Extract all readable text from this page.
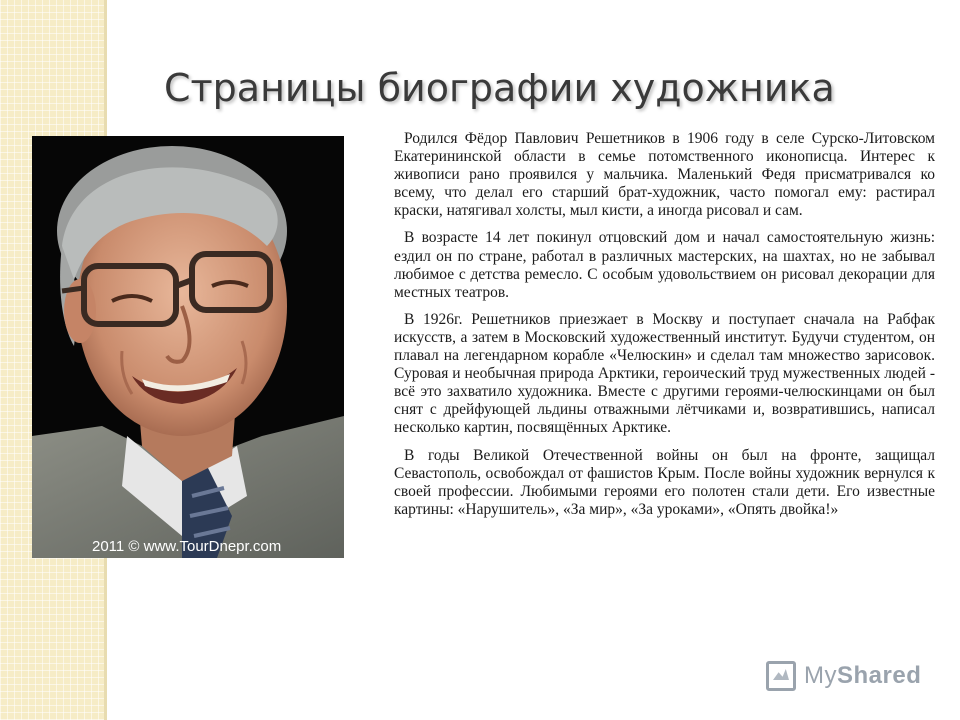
Страницы биографии художника
2011 © www.TourDnepr.com

Родился Фёдор Павлович Решетников в 1906 году в селе Сурско-Литовском Екатерининской области в семье потомственного иконописца. Интерес к живописи рано проявился у мальчика. Маленький Федя присматривался ко всему, что делал его старший брат-художник, часто помогал ему: растирал краски, натягивал холсты, мыл кисти, а иногда рисовал и сам.

В возрасте 14 лет покинул отцовский дом и начал самостоятельную жизнь: ездил он по стране, работал в различных мастерских, на шахтах, но не забывал любимое с детства ремесло. С особым удовольствием он рисовал декорации для местных театров.

В 1926г. Решетников приезжает в Москву и поступает сначала на Рабфак искусств, а затем в Московский художественный институт. Будучи студентом, он плавал на легендарном корабле «Челюскин» и сделал там множество зарисовок. Суровая и необычная природа Арктики, героический труд мужественных людей - всё это захватило художника. Вместе с другими героями-челюскинцами он был снят с дрейфующей льдины отважными лётчиками и, возвратившись, написал несколько картин, посвящённых Арктике.

В годы Великой Отечественной войны он был на фронте, защищал Севастополь, освобождал от фашистов Крым. После войны художник вернулся к своей профессии. Любимыми героями его полотен стали дети. Его известные картины: «Нарушитель», «За мир», «За уроками», «Опять двойка!»

MyShared
